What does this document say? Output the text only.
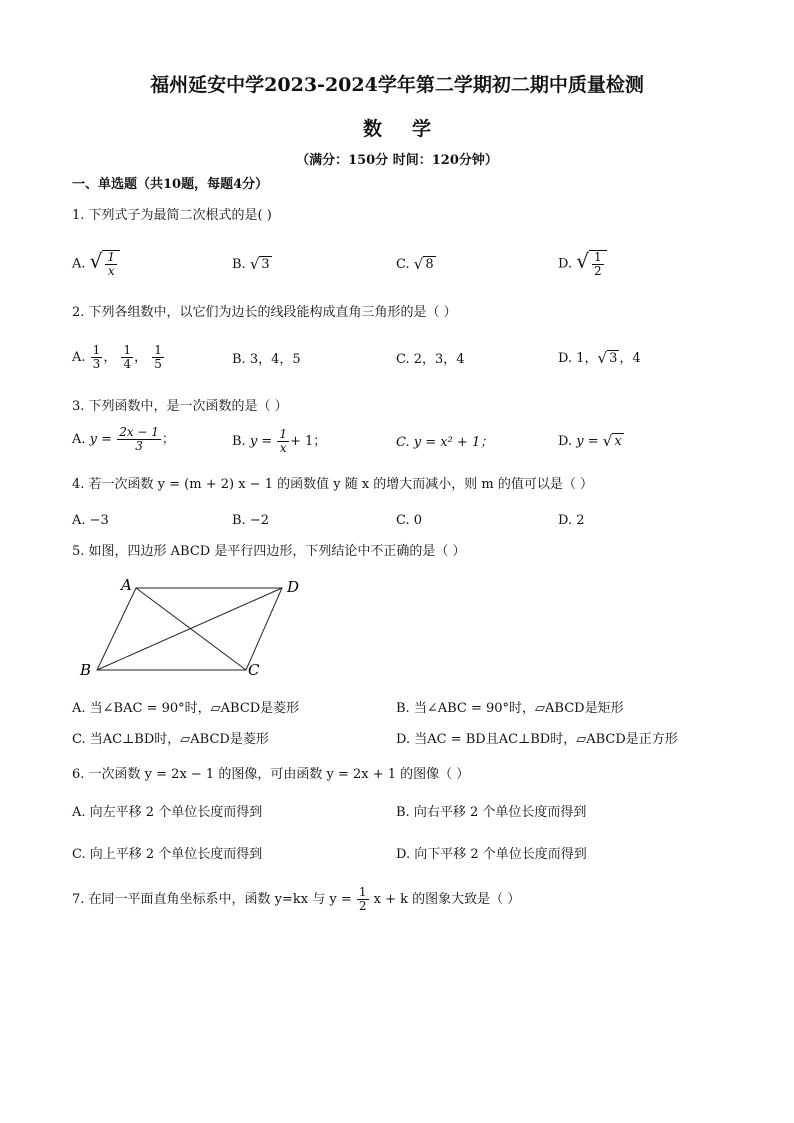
福州延安中学2023-2024学年第二学期初二期中质量检测
数学
（满分：150分 时间：120分钟）
一、单选题（共10题，每题4分）
1. 下列式子为最简二次根式的是( )
A. √ $\frac{1}{x}$	B. √ 3	C. √ 8	D. √ $\frac{1}{2}$
2. 下列各组数中，以它们为边长的线段能构成直角三角形的是（ ）
A. $\frac{1}{3}$ ， $\frac{1}{4}$ ， $\frac{1}{5}$	B. 3，4，5	C. 2，3，4	D. 1， √ 3 ，4
3. 下列函数中，是一次函数的是（ ）
A. $y = \frac{2x - 1}{3}$ ；	B. $y = \frac{1}{x} + 1$；	C. y = x² + 1；	D. y = √ x
4. 若一次函数 y = (m + 2) x − 1 的函数值 y 随 x 的增大而减小，则 m 的值可以是（ ）
A. −3	B. −2	C. 0	D. 2
5. 如图，四边形 ABCD 是平行四边形，下列结论中不正确的是（ ）
A	D
B	C
A. 当∠BAC = 90°时，▱ABCD是菱形	B. 当∠ABC = 90°时，▱ABCD是矩形
C. 当AC⊥BD时，▱ABCD是菱形	D. 当AC = BD且AC⊥BD时，▱ABCD是正方形
6. 一次函数 y = 2x − 1 的图像，可由函数 y = 2x + 1 的图像（ ）
A. 向左平移 2 个单位长度而得到	B. 向右平移 2 个单位长度而得到
C. 向上平移 2 个单位长度而得到	D. 向下平移 2 个单位长度而得到
7. 在同一平面直角坐标系中，函数 y=kx 与 $y = \frac{1}{2}$ x + k 的图象大致是（ ）
